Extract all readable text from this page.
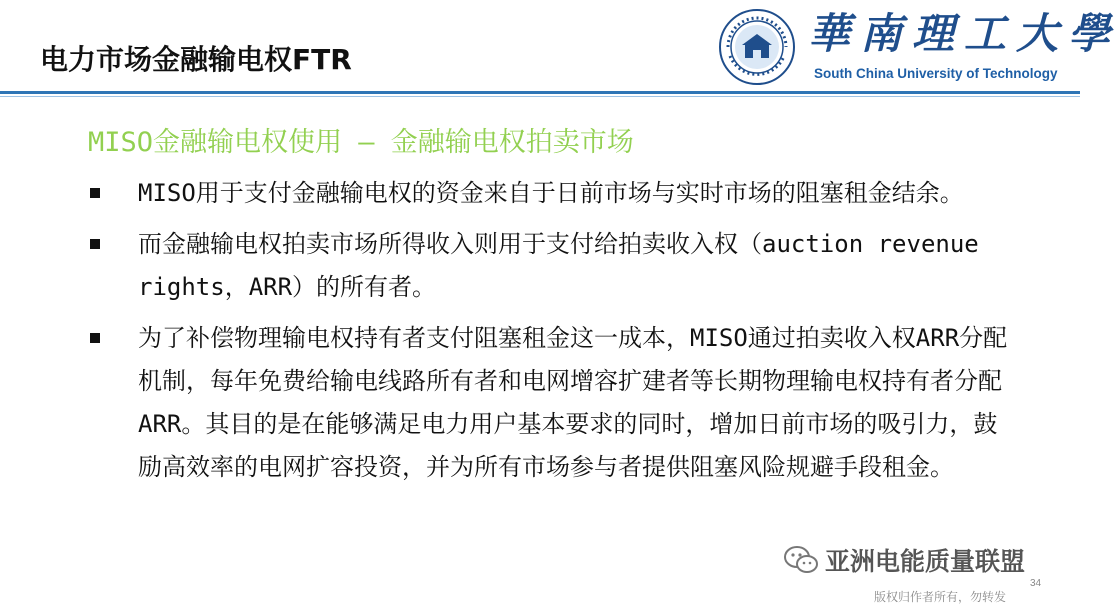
电力市场金融输电权FTR
華南理工大學
South China University of Technology
MISO金融输电权使用 – 金融输电权拍卖市场
MISO用于支付金融输电权的资金来自于日前市场与实时市场的阻塞租金结余。
而金融输电权拍卖市场所得收入则用于支付给拍卖收入权（auction revenue rights，ARR）的所有者。
为了补偿物理输电权持有者支付阻塞租金这一成本，MISO通过拍卖收入权ARR分配机制，每年免费给输电线路所有者和电网增容扩建者等长期物理输电权持有者分配ARR。其目的是在能够满足电力用户基本要求的同时，增加日前市场的吸引力，鼓励高效率的电网扩容投资，并为所有市场参与者提供阻塞风险规避手段租金。
亚洲电能质量联盟
34
版权归作者所有，勿转发
